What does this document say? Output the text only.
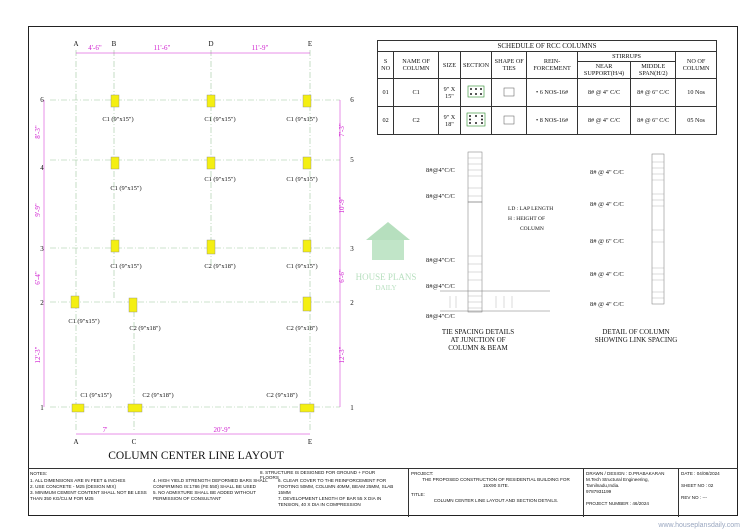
A	B	D	E
A	C	E
6
5
3
2
1
6
4
3
2
1
4'-6"	11'-6"	11'-9"
7'	20'-9"
8'-3"
9'-9"
6'-4"
12'-3"
7'-3"
10'-9"
6'-6"
12'-3"
HOUSE PLANS
DAILY
C1 (9"x15")	C1 (9"x15")	C1 (9"x15")
C1 (9"x15")
C1 (9"x15")	C1 (9"x15")
C1 (9"x15")	C2 (9"x18")	C1 (9"x15")
C1 (9"x15")
C2 (9"x18")	C2 (9"x18")
C1 (9"x15")	C2 (9"x18")	C2 (9"x18")
COLUMN CENTER LINE LAYOUT
SCHEDULE OF RCC COLUMNS								
S NO	NAME OF COLUMN	SIZE	SECTION	SHAPE OF TIES	REIN- FORCEMENT	STIRRUPS		NO OF COLUMN
						NEAR SUPPORT(H/4)	MIDDLE SPAN(H/2)	
01	C1	9" X 15"			• 6 NOS-16#	8# @ 4" C/C	8# @ 6" C/C	10 Nos
02	C2	9" X 18"			• 8 NOS-16#	8# @ 4" C/C	8# @ 6" C/C	05 Nos
8#@4"C/C
8#@4"C/C
8#@4"C/C
8#@4"C/C
8#@4"C/C
LD : LAP LENGTH
H : HEIGHT OF
COLUMN
TIE SPACING DETAILS
AT JUNCTION OF
COLUMN & BEAM
8# @ 4" C/C
8# @ 4" C/C
8# @ 6" C/C
8# @ 4" C/C
8# @ 4" C/C
DETAIL OF COLUMN
SHOWING LINK SPACING
NOTES:
1. ALL DIMENSIONS ARE IN FEET & INCHES
2. USE CONCRETE - M25 (DESIGN MIX)
3. MINIMUM CEMENT CONTENT SHALL NOT BE LESS THAN 350 KG/CU.M FOR M25
4. HIGH YIELD STRENGTH DEFORMED BARS SHALL CONFIRMING IS:1786 (FE 550) SHALL BE USED
5. NO ADMIXTURE SHALL BE ADDED WITHOUT PERMISSION OF CONSULTANT
6. CLEAR COVER TO THE REINFORCEMENT FOR FOOTING 50MM, COLUMN 40MM, BEAM 25MM, SLAB 15MM
7. DEVELOPMENT LENGTH OF BAR 55 X DIA IN TENSION, 40 X DIA IN COMPRESSION
PROJECT:
THE PROPOSED CONSTRUCTION OF RESIDENTIAL BUILDING FOR 15X90 SITE.
TITLE:
COLUMN CENTER LINE LAYOUT AND SECTION DETAILS.
DRAWN / DESIGN : D.PRABAKARAN
M.Tech Structural Engineering, Tamilnadu,India.
9787931199
PROJECT NUMBER : 46/2024
DATE : 04/08/2024
SHEET NO : 02
REV NO : ---
8. STRUCTURE IS DESIGNED FOR GROUND + FOUR FLOORS
www.houseplansdaily.com
